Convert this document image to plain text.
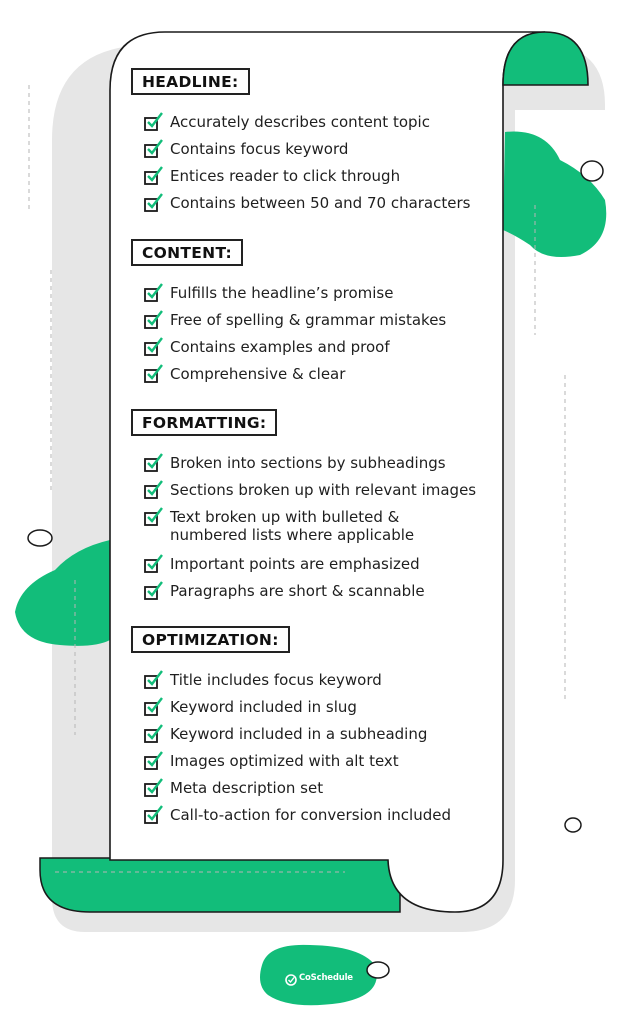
CoSchedule
HEADLINE:
Accurately describes content topic
Contains focus keyword
Entices reader to click through
Contains between 50 and 70 characters
CONTENT:
Fulfills the headline’s promise
Free of spelling & grammar mistakes
Contains examples and proof
Comprehensive & clear
FORMATTING:
Broken into sections by subheadings
Sections broken up with relevant images
Text broken up with bulleted & numbered lists where applicable
Important points are emphasized
Paragraphs are short & scannable
OPTIMIZATION:
Title includes focus keyword
Keyword included in slug
Keyword included in a subheading
Images optimized with alt text
Meta description set
Call-to-action for conversion included
